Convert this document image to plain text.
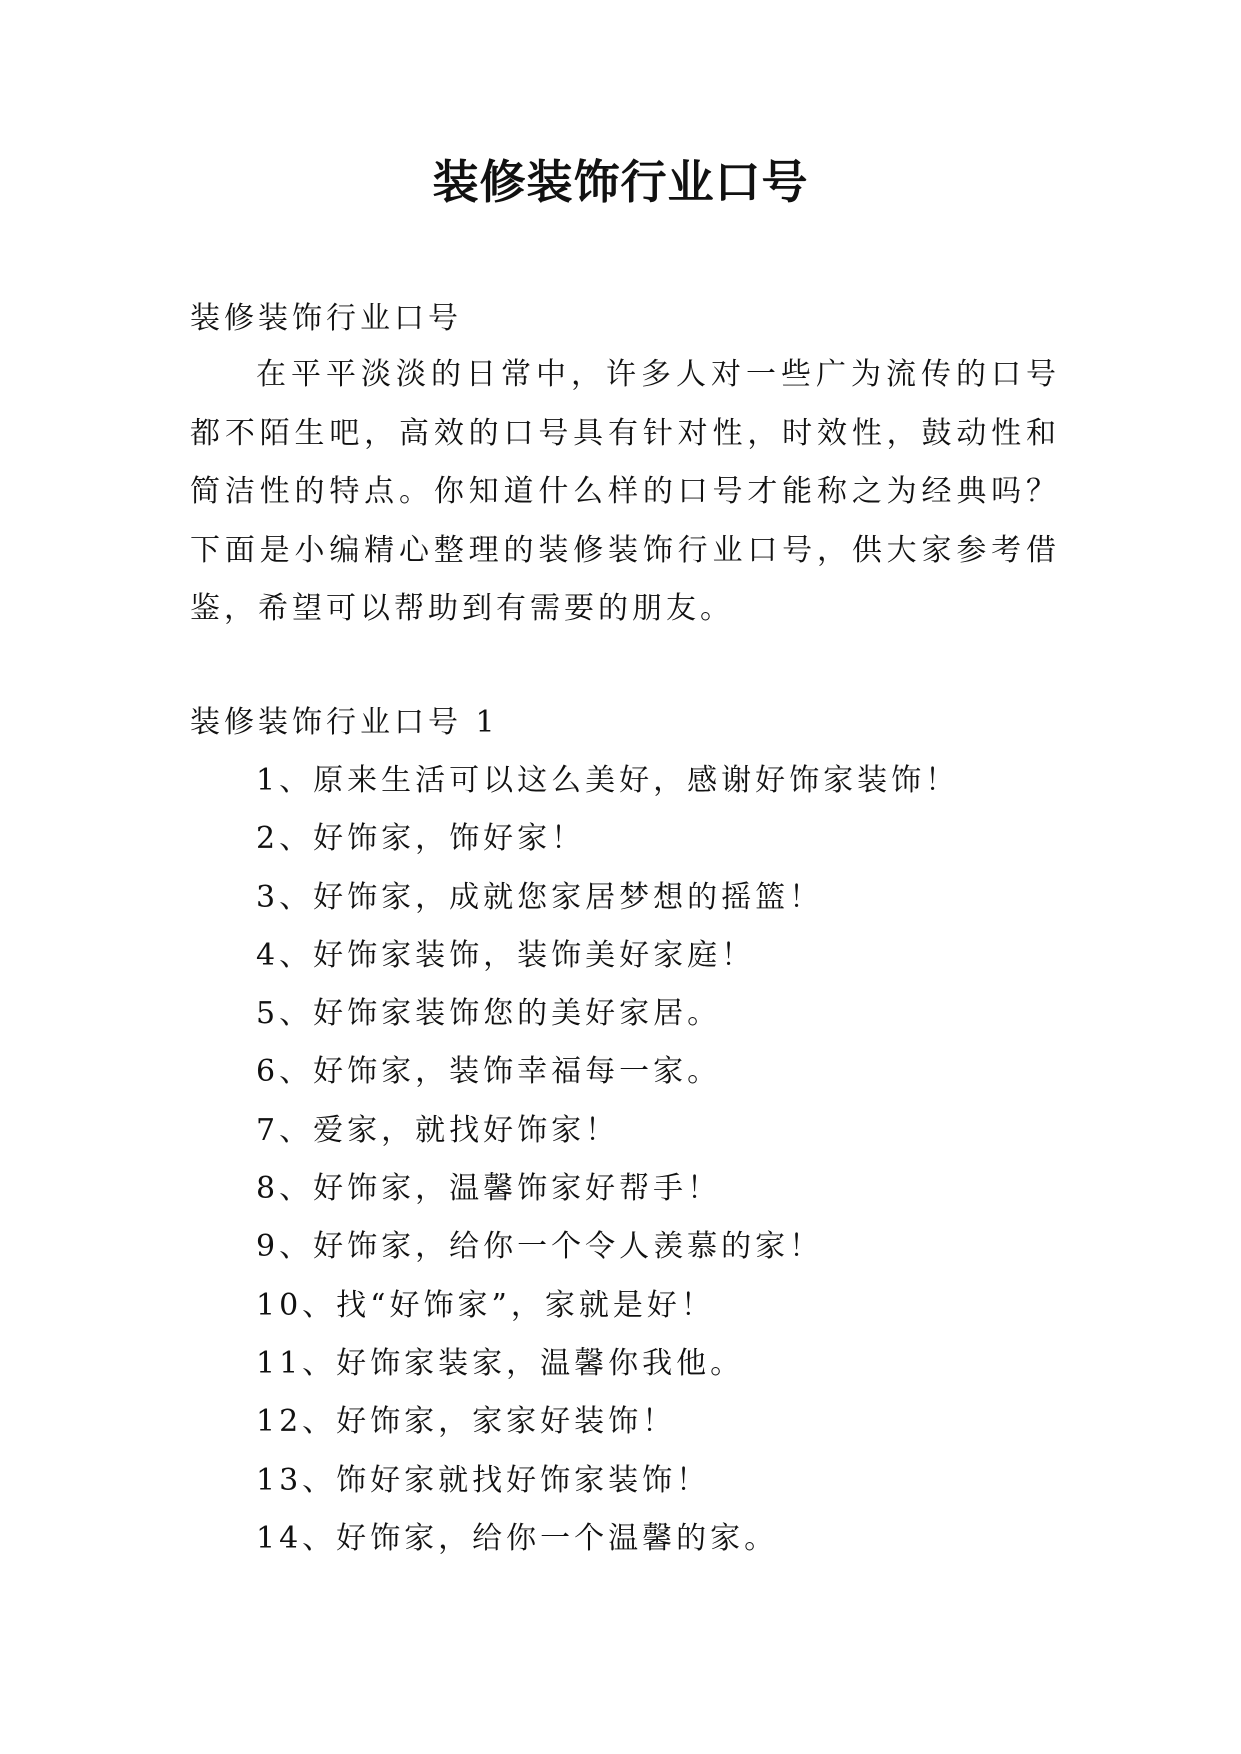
装修装饰行业口号
装修装饰行业口号
在平平淡淡的日常中，许多人对一些广为流传的口号都不陌生吧，高效的口号具有针对性，时效性，鼓动性和简洁性的特点。你知道什么样的口号才能称之为经典吗？下面是小编精心整理的装修装饰行业口号，供大家参考借鉴，希望可以帮助到有需要的朋友。
装修装饰行业口号 1
1、原来生活可以这么美好，感谢好饰家装饰！
2、好饰家，饰好家！
3、好饰家，成就您家居梦想的摇篮！
4、好饰家装饰，装饰美好家庭！
5、好饰家装饰您的美好家居。
6、好饰家，装饰幸福每一家。
7、爱家，就找好饰家！
8、好饰家，温馨饰家好帮手！
9、好饰家，给你一个令人羡慕的家！
10、找“好饰家”，家就是好！
11、好饰家装家，温馨你我他。
12、好饰家，家家好装饰！
13、饰好家就找好饰家装饰！
14、好饰家，给你一个温馨的家。
